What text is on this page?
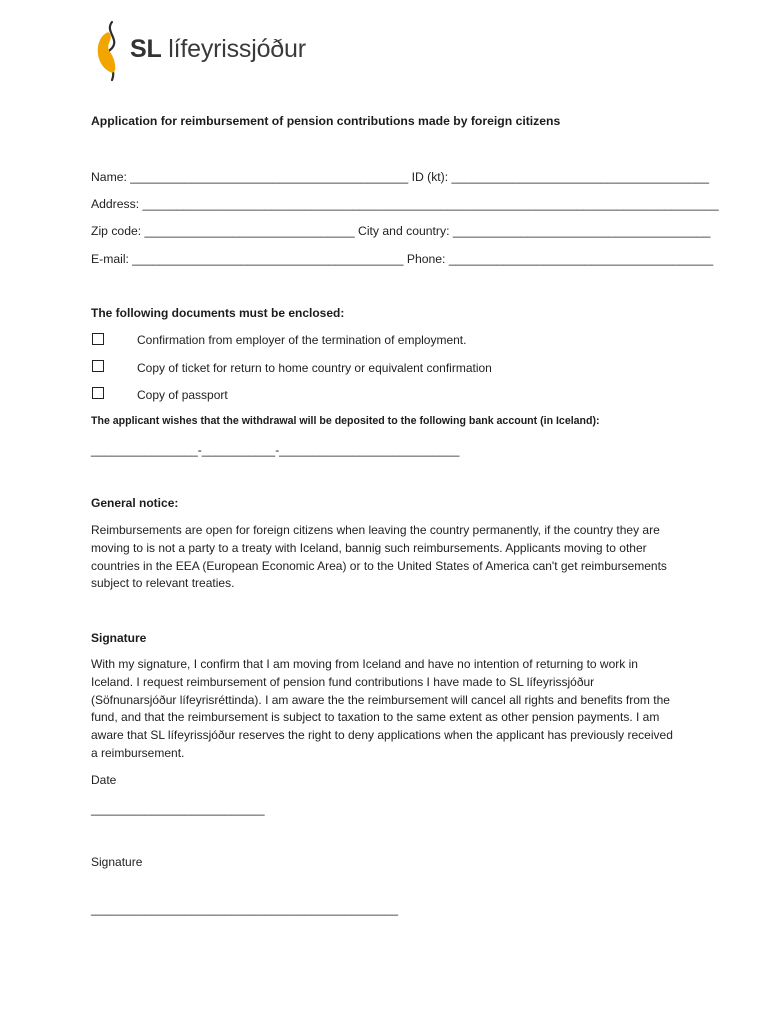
SL lífeyrissjóður
Application for reimbursement of pension contributions made by foreign citizens
Name: _________________________________________ ID (kt): ______________________________________
Address: _____________________________________________________________________________________
Zip code: _______________________________ City and country: ______________________________________
E-mail: ________________________________________ Phone: _______________________________________
The following documents must be enclosed:
Confirmation from employer of the termination of employment.
Copy of ticket for return to home country or equivalent confirmation
Copy of passport
The applicant wishes that the withdrawal will be deposited to the following bank account (in Iceland):
________________-___________-___________________________
General notice:
Reimbursements are open for foreign citizens when leaving the country permanently, if the country they are moving to is not a party to a treaty with Iceland, bannig such reimbursements. Applicants moving to other countries in the EEA (European Economic Area) or to the United States of America can't get reimbursements subject to relevant treaties.
Signature
With my signature, I confirm that I am moving from Iceland and have no intention of returning to work in Iceland. I request reimbursement of pension fund contributions I have made to SL lífeyrissjóður (Söfnunarsjóður lífeyrisréttinda). I am aware the the reimbursement will cancel all rights and benefits from the fund, and that the reimbursement is subject to taxation to the same extent as other pension payments. I am aware that SL lífeyrissjóður reserves the right to deny applications when the applicant has previously received a reimbursement.
Date
__________________________
Signature
______________________________________________
